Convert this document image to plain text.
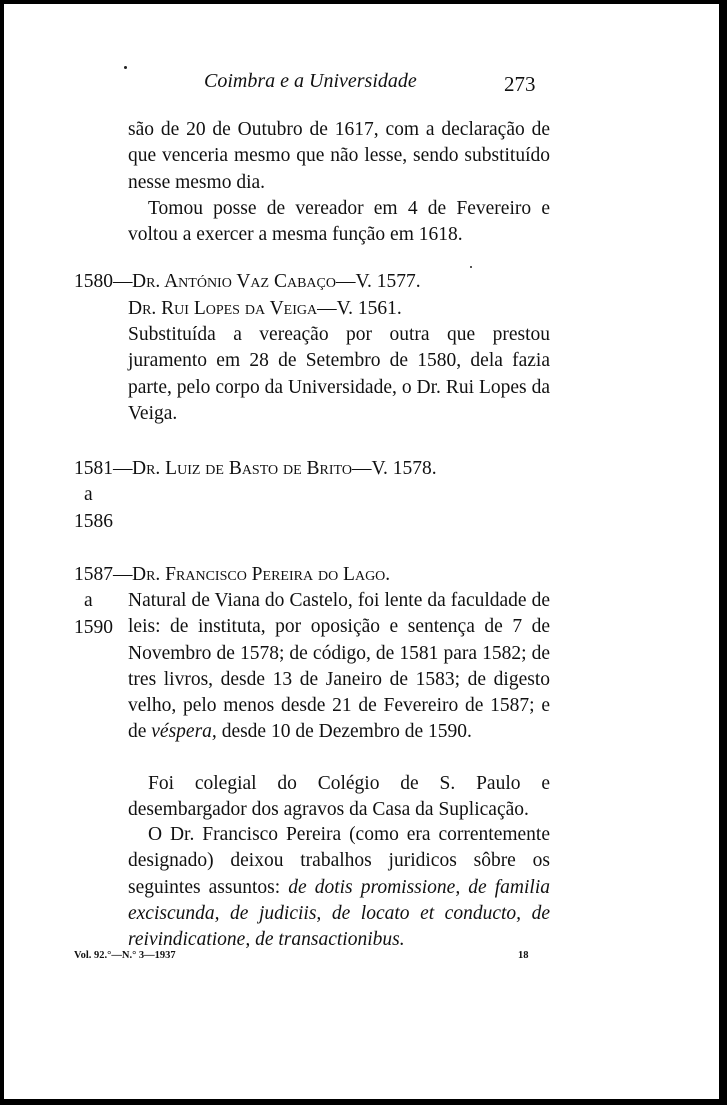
Coimbra e a Universidade	273

são de 20 de Outubro de 1617, com a declaração de que venceria mesmo que não lesse, sendo substituído nesse mesmo dia.

Tomou posse de vereador em 4 de Fevereiro e voltou a exercer a mesma função em 1618.

1580— Dr. António Vaz Cabaço—V. 1577.
Dr. Rui Lopes da Veiga—V. 1561.

Substituída a vereação por outra que prestou juramento em 28 de Setembro de 1580, dela fazia parte, pelo corpo da Universidade, o Dr. Rui Lopes da Veiga.

1581— Dr. Luiz de Basto de Brito—V. 1578.
a
1586
1587— Dr. Francisco Pereira do Lago.
a
1590

Natural de Viana do Castelo, foi lente da faculdade de leis: de instituta, por oposição e sentença de 7 de Novembro de 1578; de código, de 1581 para 1582; de tres livros, desde 13 de Janeiro de 1583; de digesto velho, pelo menos desde 21 de Fevereiro de 1587; e de véspera, desde 10 de Dezembro de 1590.

Foi colegial do Colégio de S. Paulo e desembargador dos agravos da Casa da Suplicação.

O Dr. Francisco Pereira (como era correntemente designado) deixou trabalhos juridicos sôbre os seguintes assuntos: de dotis promissione, de familia exciscunda, de judiciis, de locato et conducto, de reivindicatione, de transactionibus.

Vol. 92.°—N.° 3—1937	18
